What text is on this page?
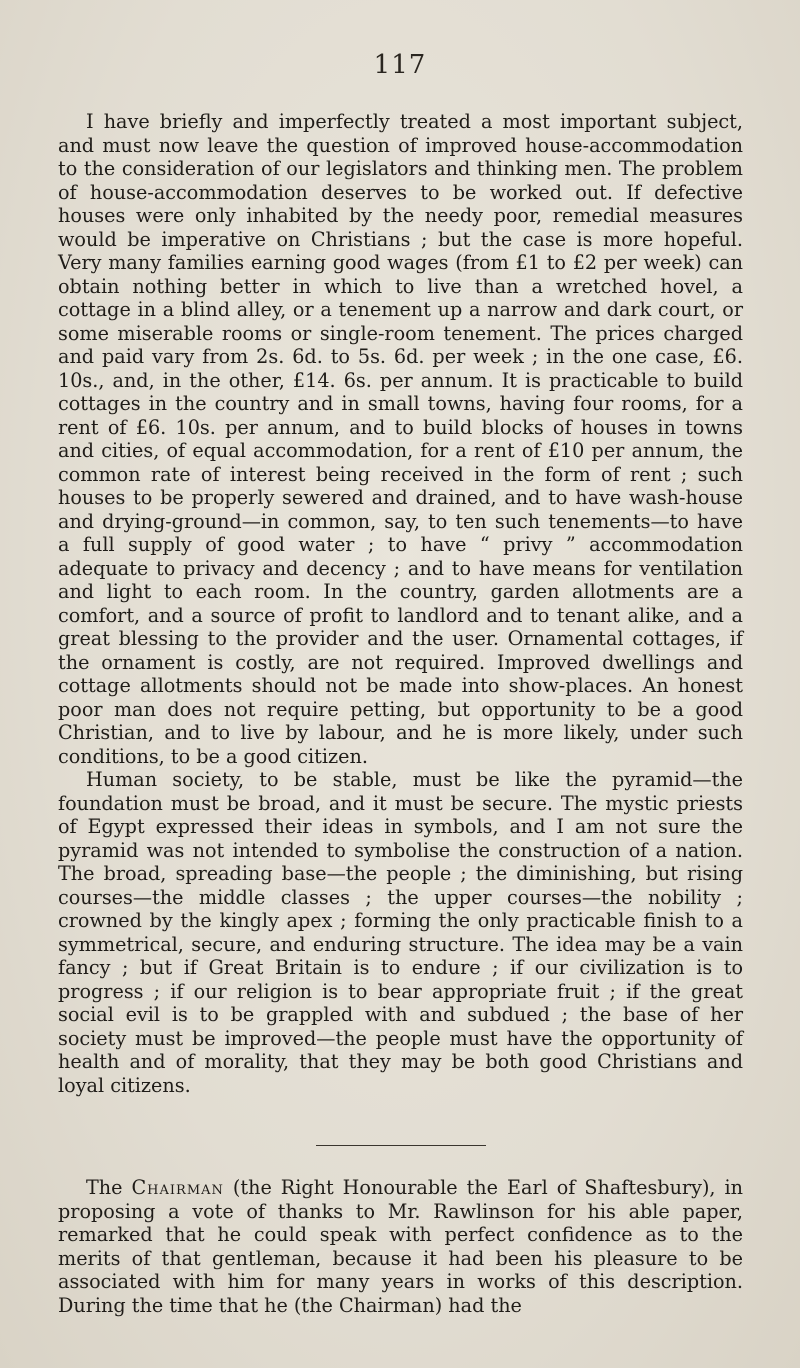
117

I have briefly and imperfectly treated a most important subject, and must now leave the question of improved house-accommodation to the consideration of our legislators and thinking men. The problem of house-accommodation deserves to be worked out. If defective houses were only inhabited by the needy poor, remedial measures would be imperative on Christians ; but the case is more hopeful. Very many families earning good wages (from £1 to £2 per week) can obtain nothing better in which to live than a wretched hovel, a cottage in a blind alley, or a tenement up a narrow and dark court, or some miserable rooms or single-room tenement. The prices charged and paid vary from 2s. 6d. to 5s. 6d. per week ; in the one case, £6. 10s., and, in the other, £14. 6s. per annum. It is practicable to build cottages in the country and in small towns, having four rooms, for a rent of £6. 10s. per annum, and to build blocks of houses in towns and cities, of equal accommodation, for a rent of £10 per annum, the common rate of interest being received in the form of rent ; such houses to be properly sewered and drained, and to have wash-house and drying-ground—in common, say, to ten such tenements—to have a full supply of good water ; to have “ privy ” accommodation adequate to privacy and decency ; and to have means for ventilation and light to each room. In the country, garden allotments are a comfort, and a source of profit to landlord and to tenant alike, and a great blessing to the provider and the user. Ornamental cottages, if the ornament is costly, are not required. Improved dwellings and cottage allotments should not be made into show-places. An honest poor man does not require petting, but opportunity to be a good Christian, and to live by labour, and he is more likely, under such conditions, to be a good citizen.

Human society, to be stable, must be like the pyramid—the foundation must be broad, and it must be secure. The mystic priests of Egypt expressed their ideas in symbols, and I am not sure the pyramid was not intended to symbolise the construction of a nation. The broad, spreading base—the people ; the diminishing, but rising courses—the middle classes ; the upper courses—the nobility ; crowned by the kingly apex ; forming the only practicable finish to a symmetrical, secure, and enduring structure. The idea may be a vain fancy ; but if Great Britain is to endure ; if our civilization is to progress ; if our religion is to bear appropriate fruit ; if the great social evil is to be grappled with and subdued ; the base of her society must be improved—the people must have the opportunity of health and of morality, that they may be both good Christians and loyal citizens.

The Chairman (the Right Honourable the Earl of Shaftesbury), in proposing a vote of thanks to Mr. Rawlinson for his able paper, remarked that he could speak with perfect confidence as to the merits of that gentleman, because it had been his pleasure to be associated with him for many years in works of this description. During the time that he (the Chairman) had the
